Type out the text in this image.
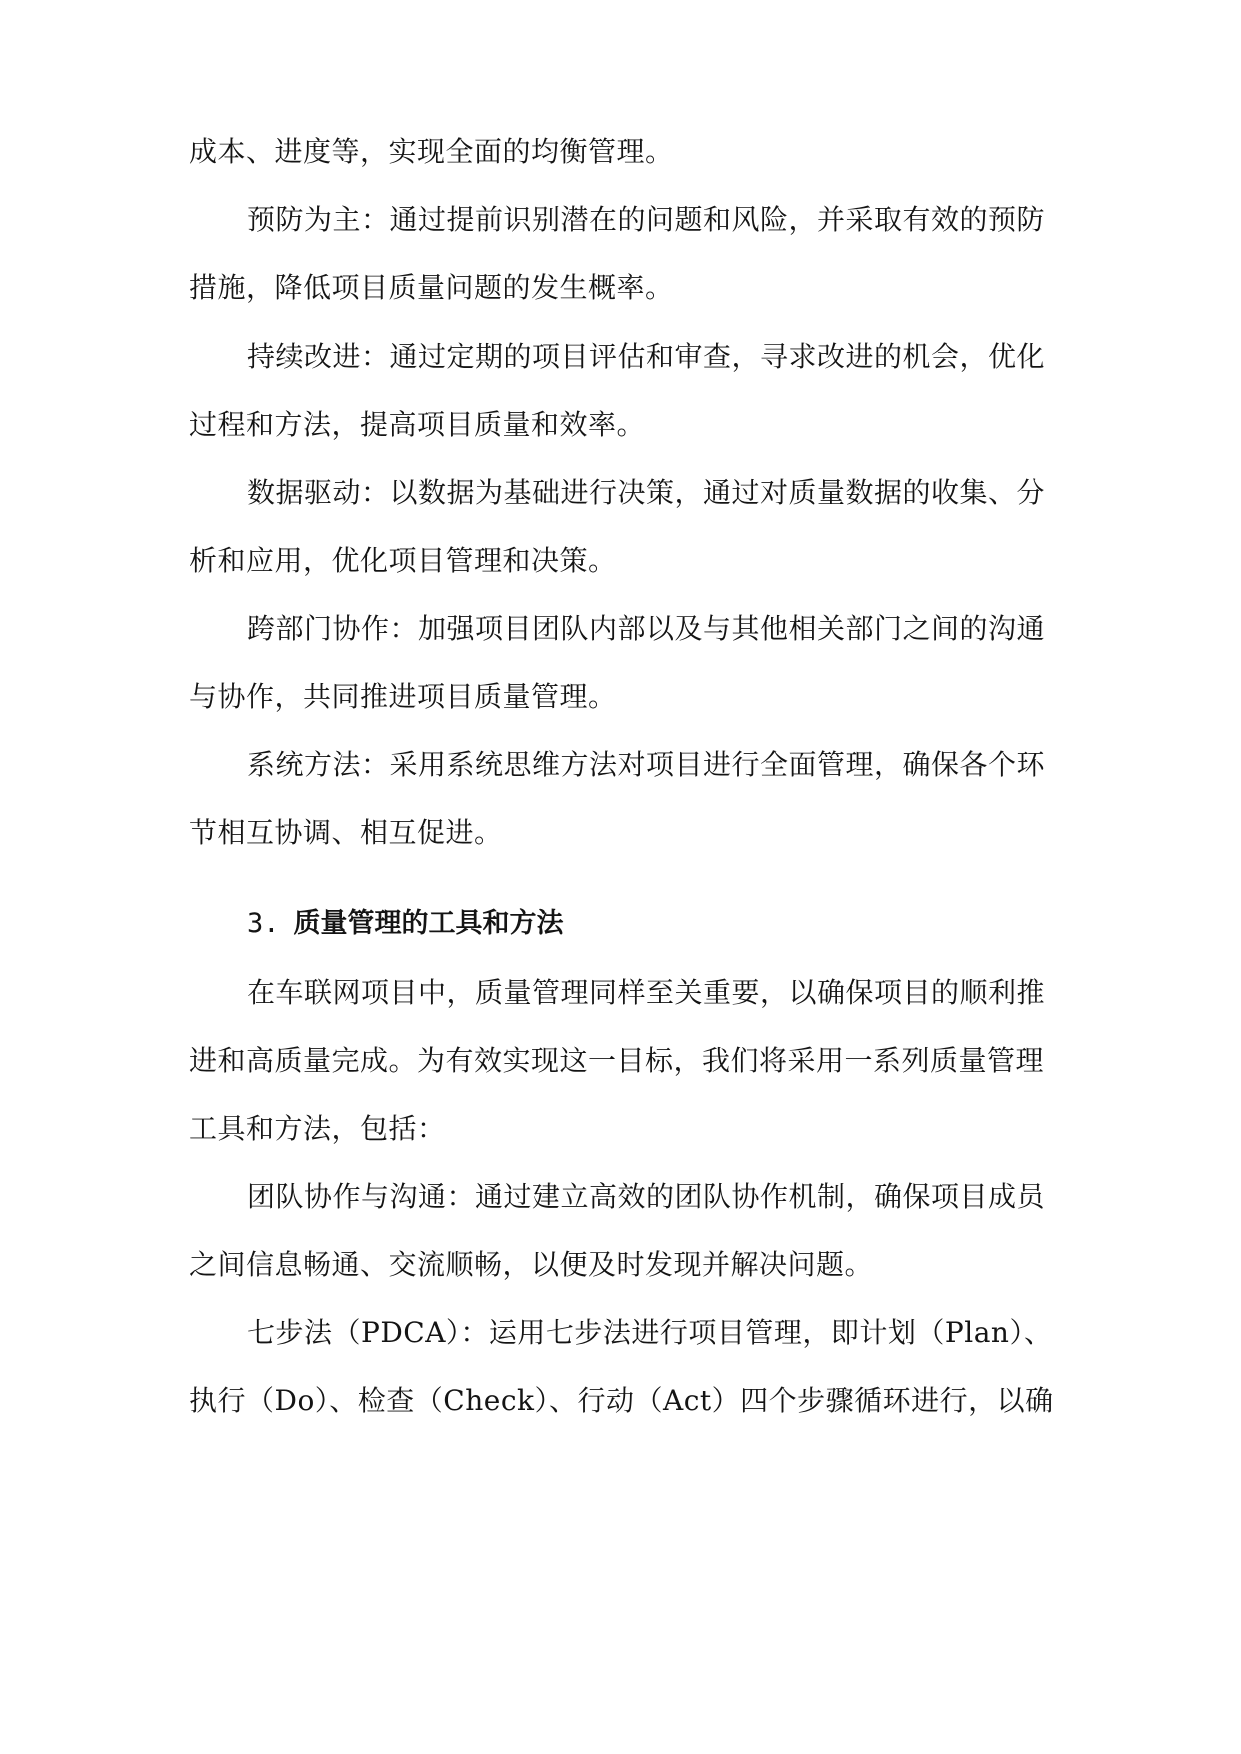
成本、进度等，实现全面的均衡管理。
预防为主：通过提前识别潜在的问题和风险，并采取有效的预防
措施，降低项目质量问题的发生概率。
持续改进：通过定期的项目评估和审查，寻求改进的机会，优化
过程和方法，提高项目质量和效率。
数据驱动：以数据为基础进行决策，通过对质量数据的收集、分
析和应用，优化项目管理和决策。
跨部门协作：加强项目团队内部以及与其他相关部门之间的沟通
与协作，共同推进项目质量管理。
系统方法：采用系统思维方法对项目进行全面管理，确保各个环
节相互协调、相互促进。
3. 质量管理的工具和方法
在车联网项目中，质量管理同样至关重要，以确保项目的顺利推
进和高质量完成。为有效实现这一目标，我们将采用一系列质量管理
工具和方法，包括：
团队协作与沟通：通过建立高效的团队协作机制，确保项目成员
之间信息畅通、交流顺畅，以便及时发现并解决问题。
七步法（PDCA）：运用七步法进行项目管理，即计划（Plan）、
执行（Do）、检查（Check）、行动（Act）四个步骤循环进行，以确
